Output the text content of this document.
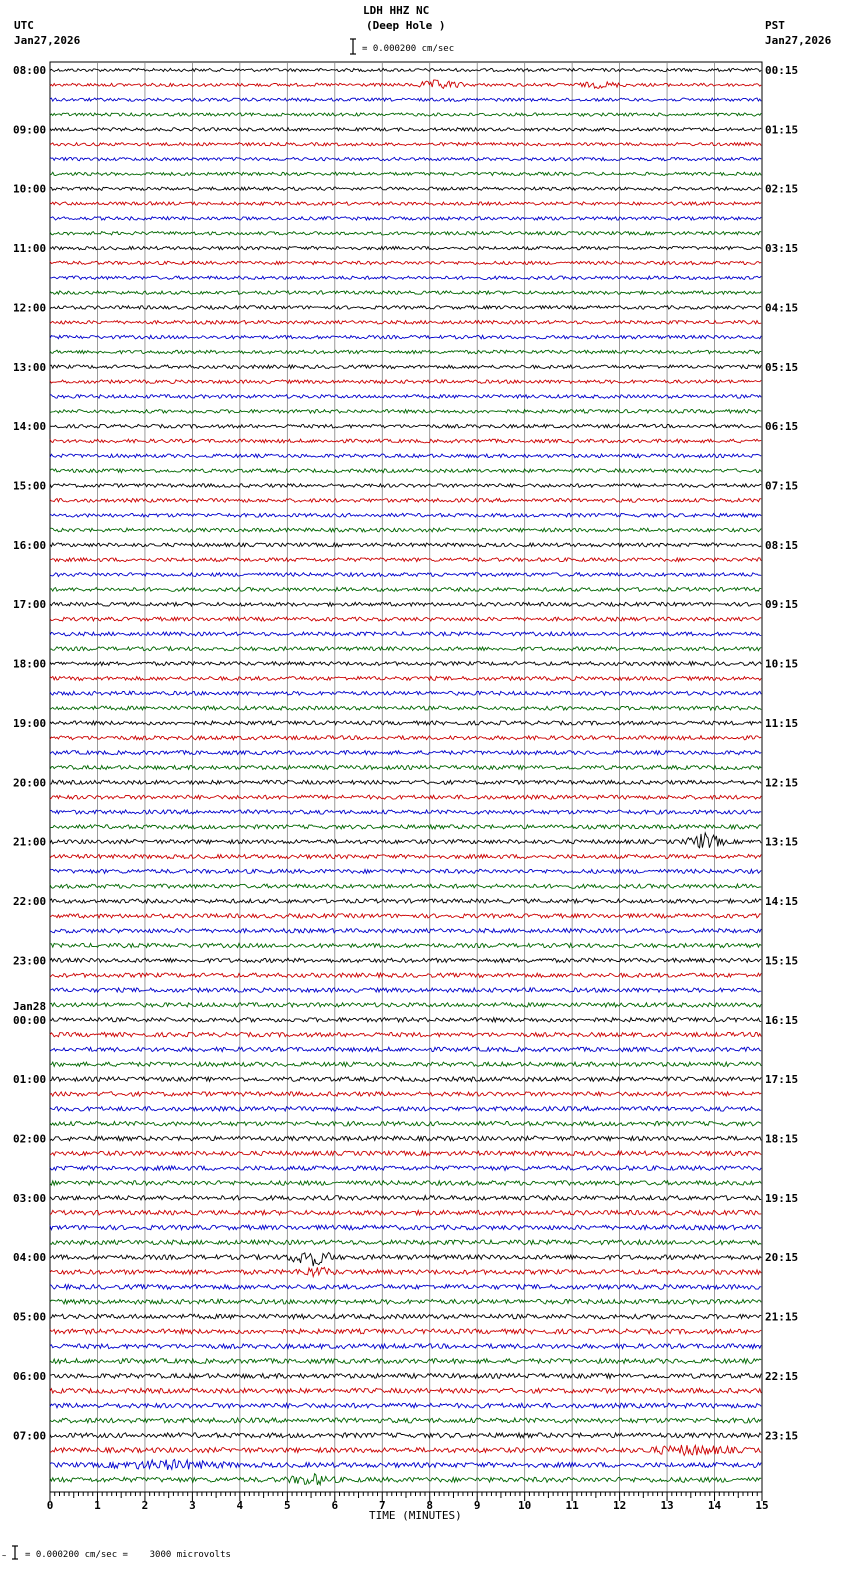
0	1	2	3	4	5	6	7	8	9	10	11	12	13	14	15
08:00
09:00
10:00
11:00
12:00
13:00
14:00
15:00
16:00
17:00
18:00
19:00
20:00
21:00
22:00
23:00
00:00
Jan28
01:00
02:00
03:00
04:00
05:00
06:00
07:00
00:15
01:15
02:15
03:15
04:15
05:15
06:15
07:15
08:15
09:15
10:15
11:15
12:15
13:15
14:15
15:15
16:15
17:15
18:15
19:15
20:15
21:15
22:15
23:15
LDH HHZ NC
(Deep Hole )
= 0.000200 cm/sec
UTC
Jan27,2026
PST
Jan27,2026
TIME (MINUTES)
~ = 0.000200 cm/sec =    3000 microvolts
